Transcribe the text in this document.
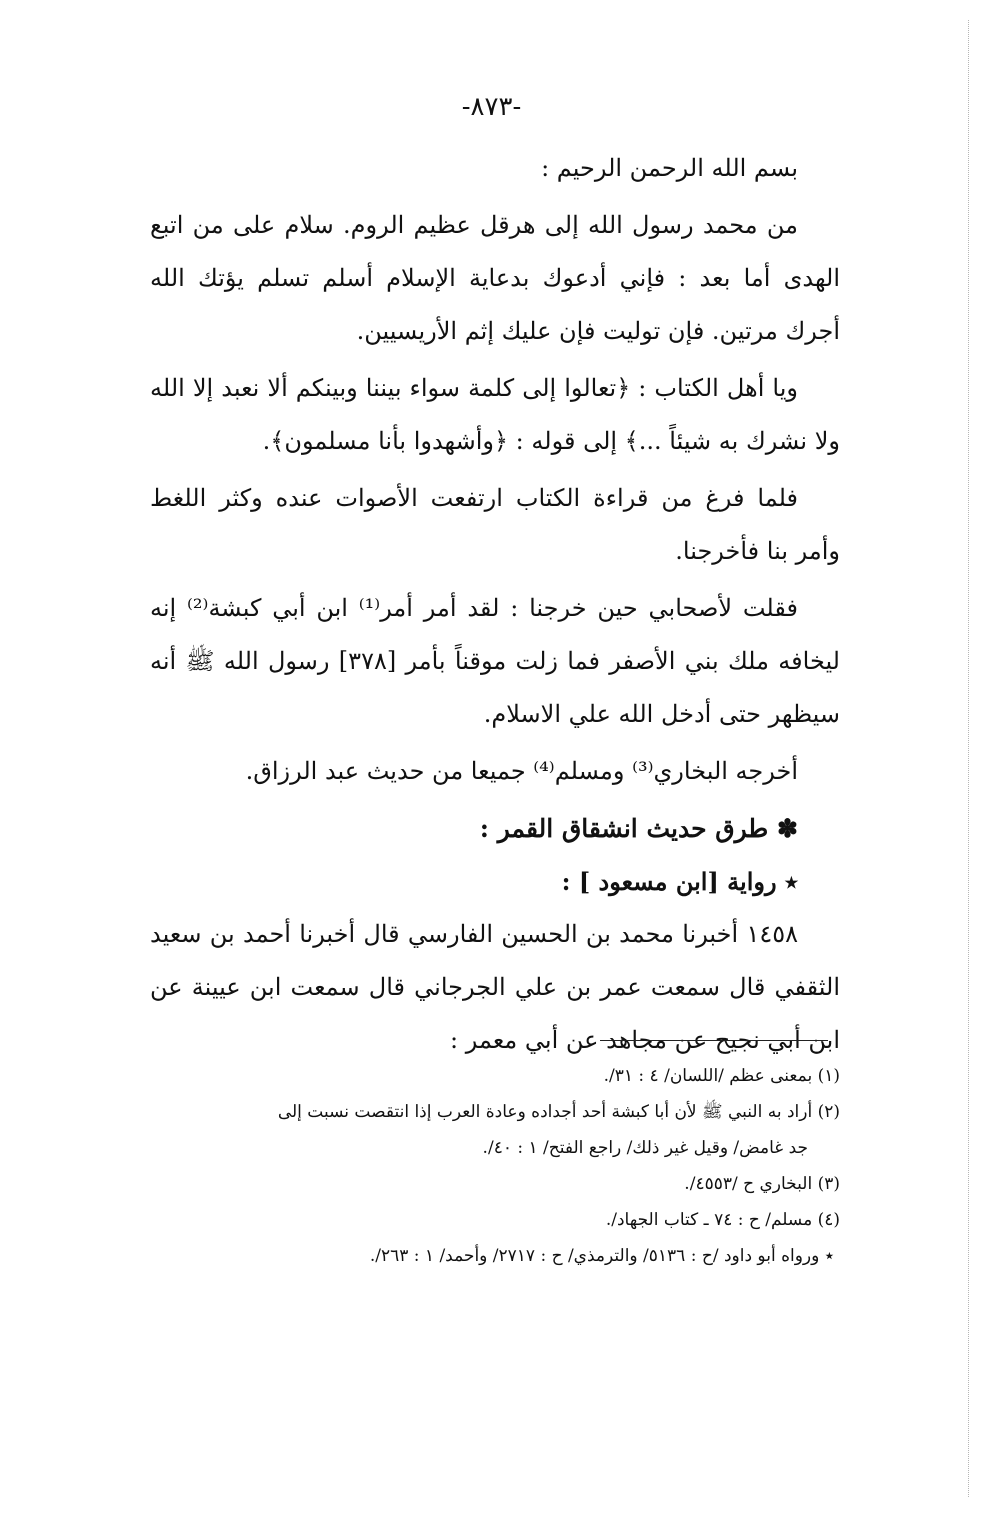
-٨٧٣-

بسم الله الرحمن الرحيم :

من محمد رسول الله إلى هرقل عظيم الروم. سلام على من اتبع الهدى أما بعد : فإني أدعوك بدعاية الإسلام أسلم تسلم يؤتك الله أجرك مرتين. فإن توليت فإن عليك إثم الأريسيين.

ويا أهل الكتاب : ﴿تعالوا إلى كلمة سواء بيننا وبينكم ألا نعبد إلا الله ولا نشرك به شيئاً ...﴾ إلى قوله : ﴿وأشهدوا بأنا مسلمون﴾.

فلما فرغ من قراءة الكتاب ارتفعت الأصوات عنده وكثر اللغط وأمر بنا فأخرجنا.

فقلت لأصحابي حين خرجنا : لقد أمر أمر⁽¹⁾ ابن أبي كبشة⁽²⁾ إنه ليخافه ملك بني الأصفر فما زلت موقناً بأمر [٣٧٨] رسول الله ﷺ أنه سيظهر حتى أدخل الله علي الاسلام.

أخرجه البخاري⁽³⁾ ومسلم⁽⁴⁾ جميعا من حديث عبد الرزاق.

✽ طرق حديث انشقاق القمر :
٭ رواية [ابن مسعود ] :

١٤٥٨ أخبرنا محمد بن الحسين الفارسي قال أخبرنا أحمد بن سعيد الثقفي قال سمعت عمر بن علي الجرجاني قال سمعت ابن عيينة عن ابن أبي نجيح عن مجاهد عن أبي معمر :

(١) بمعنى عظم /اللسان/ ٤ : ٣١/.

(٢) أراد به النبي ﷺ لأن أبا كبشة أحد أجداده وعادة العرب إذا انتقصت نسبت إلى

جد غامض/ وقيل غير ذلك/ راجع الفتح/ ١ : ٤٠/.

(٣) البخاري ح /٤٥٥٣/.

(٤) مسلم/ ح : ٧٤ ـ كتاب الجهاد/.

٭ ورواه أبو داود /ح : ٥١٣٦/ والترمذي/ ح : ٢٧١٧/ وأحمد/ ١ : ٢٦٣/.
